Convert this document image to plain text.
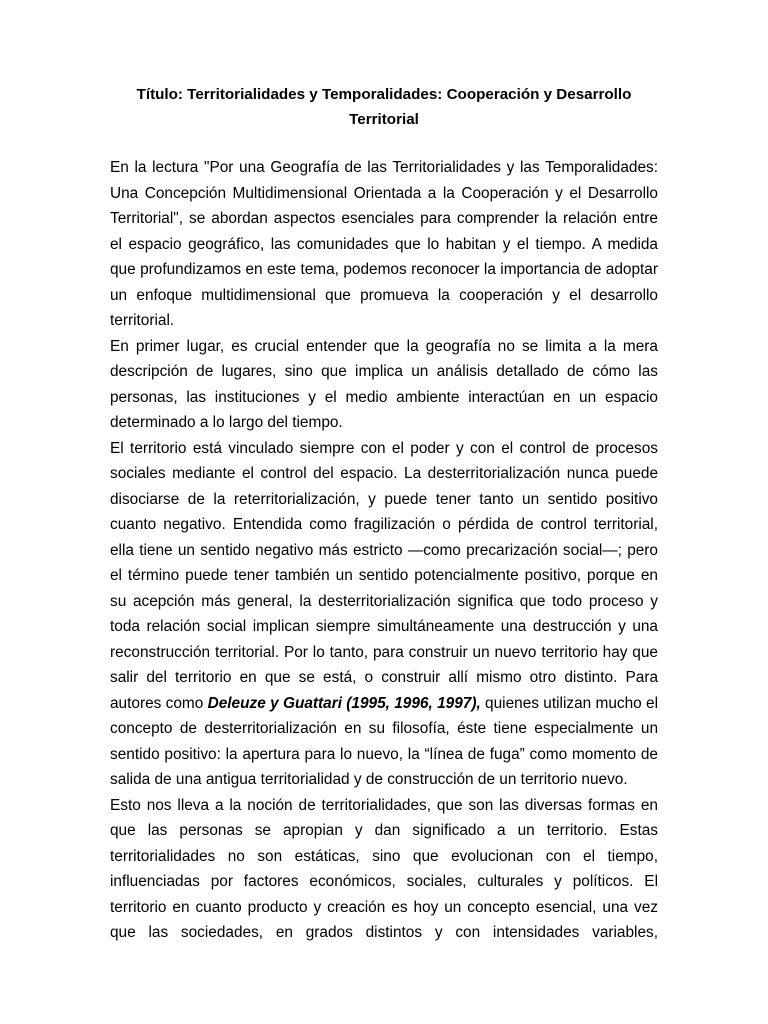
Título: Territorialidades y Temporalidades: Cooperación y Desarrollo Territorial

En la lectura "Por una Geografía de las Territorialidades y las Temporalidades: Una Concepción Multidimensional Orientada a la Cooperación y el Desarrollo Territorial", se abordan aspectos esenciales para comprender la relación entre el espacio geográfico, las comunidades que lo habitan y el tiempo. A medida que profundizamos en este tema, podemos reconocer la importancia de adoptar un enfoque multidimensional que promueva la cooperación y el desarrollo territorial.

En primer lugar, es crucial entender que la geografía no se limita a la mera descripción de lugares, sino que implica un análisis detallado de cómo las personas, las instituciones y el medio ambiente interactúan en un espacio determinado a lo largo del tiempo.

El territorio está vinculado siempre con el poder y con el control de procesos sociales mediante el control del espacio. La desterritorialización nunca puede disociarse de la reterritorialización, y puede tener tanto un sentido positivo cuanto negativo. Entendida como fragilización o pérdida de control territorial, ella tiene un sentido negativo más estricto —como precarización social—; pero el término puede tener también un sentido potencialmente positivo, porque en su acepción más general, la desterritorialización significa que todo proceso y toda relación social implican siempre simultáneamente una destrucción y una reconstrucción territorial. Por lo tanto, para construir un nuevo territorio hay que salir del territorio en que se está, o construir allí mismo otro distinto. Para autores como Deleuze y Guattari (1995, 1996, 1997), quienes utilizan mucho el concepto de desterritorialización en su filosofía, éste tiene especialmente un sentido positivo: la apertura para lo nuevo, la “línea de fuga” como momento de salida de una antigua territorialidad y de construcción de un territorio nuevo.

Esto nos lleva a la noción de territorialidades, que son las diversas formas en que las personas se apropian y dan significado a un territorio. Estas territorialidades no son estáticas, sino que evolucionan con el tiempo, influenciadas por factores económicos, sociales, culturales y políticos. El territorio en cuanto producto y creación es hoy un concepto esencial, una vez que las sociedades, en grados distintos y con intensidades variables,
